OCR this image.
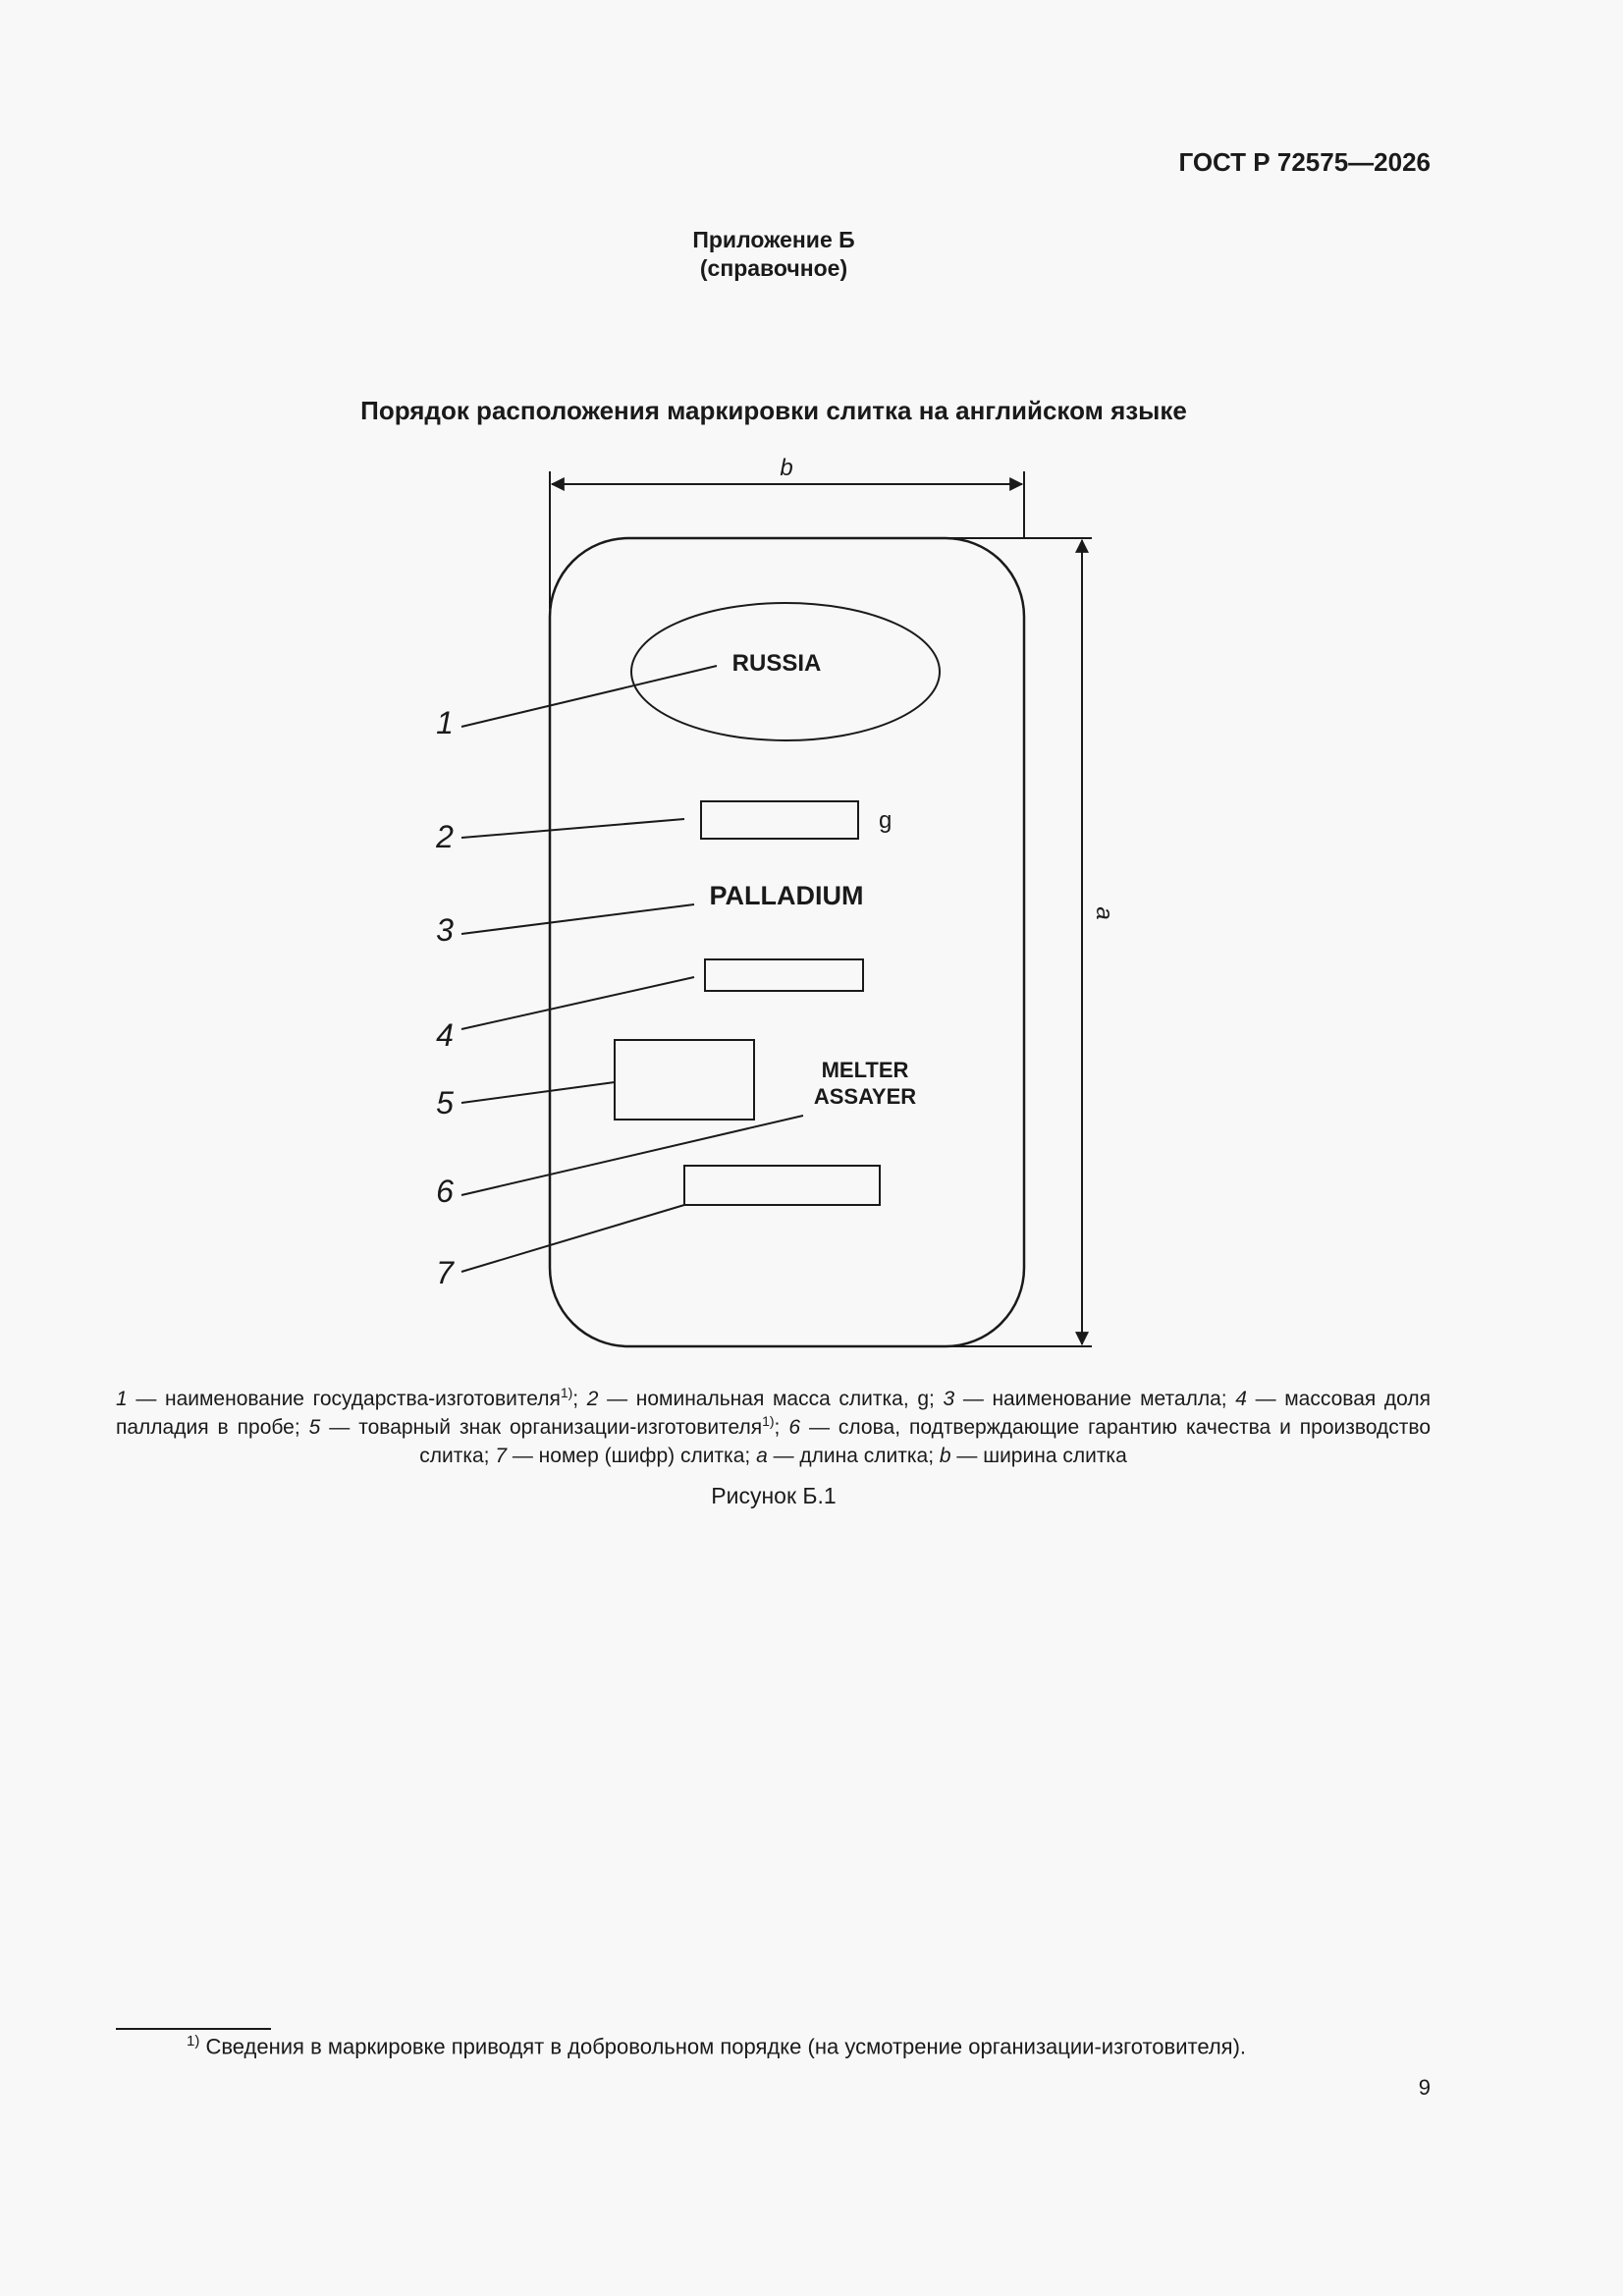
ГОСТ Р 72575—2026
Приложение Б
(справочное)
Порядок расположения маркировки слитка на английском языке
b
a
RUSSIA
g
PALLADIUM
MELTER
ASSAYER
1
2
3
4
5
6
7
1 — наименование государства-изготовителя$^{1)}$; 2 — номинальная масса слитка, g; 3 — наименование металла; 4 — массовая доля палладия в пробе; 5 — товарный знак организации-изготовителя$^{1)}$; 6 — слова, подтверждающие гарантию качества и производство слитка; 7 — номер (шифр) слитка; a — длина слитка; b — ширина слитка
Рисунок Б.1
$^{1)}$ Сведения в маркировке приводят в добровольном порядке (на усмотрение организации-изготовителя).
9
